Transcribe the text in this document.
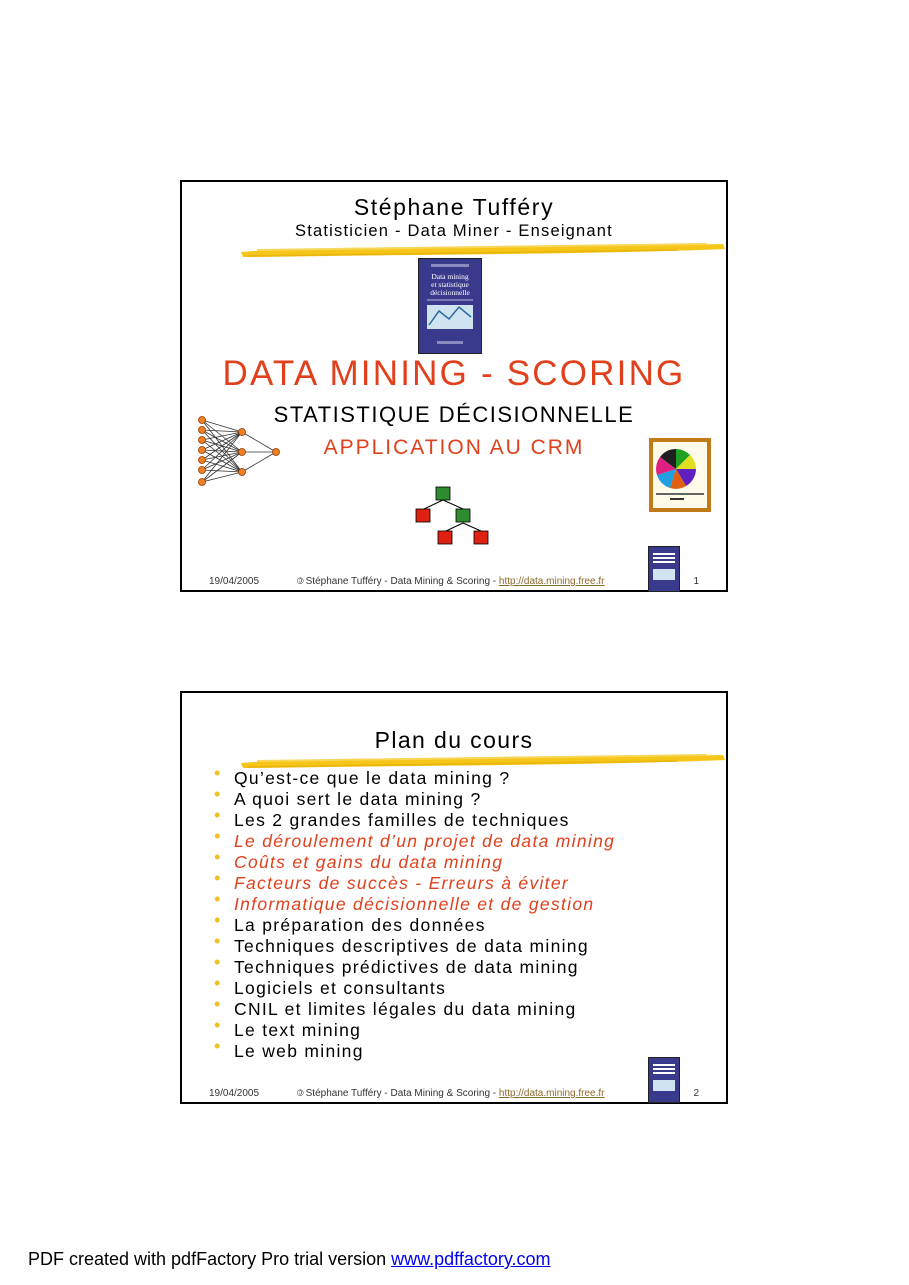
Stéphane Tufféry
Statisticien - Data Miner - Enseignant
Data mining
et statistique
décisionnelle
DATA MINING - SCORING
STATISTIQUE DÉCISIONNELLE
APPLICATION AU CRM
19/04/2005	© Stéphane Tufféry - Data Mining & Scoring - http://data.mining.free.fr	1
Plan du cours
• Qu’est-ce que le data mining ?
• A quoi sert le data mining ?
• Les 2 grandes familles de techniques
• Le déroulement d’un projet de data mining
• Coûts et gains du data mining
• Facteurs de succès - Erreurs à éviter
• Informatique décisionnelle et de gestion
• La préparation des données
• Techniques descriptives de data mining
• Techniques prédictives de data mining
• Logiciels et consultants
• CNIL et limites légales du data mining
• Le text mining
• Le web mining
19/04/2005	© Stéphane Tufféry - Data Mining & Scoring - http://data.mining.free.fr	2
PDF created with pdfFactory Pro trial version www.pdffactory.com
